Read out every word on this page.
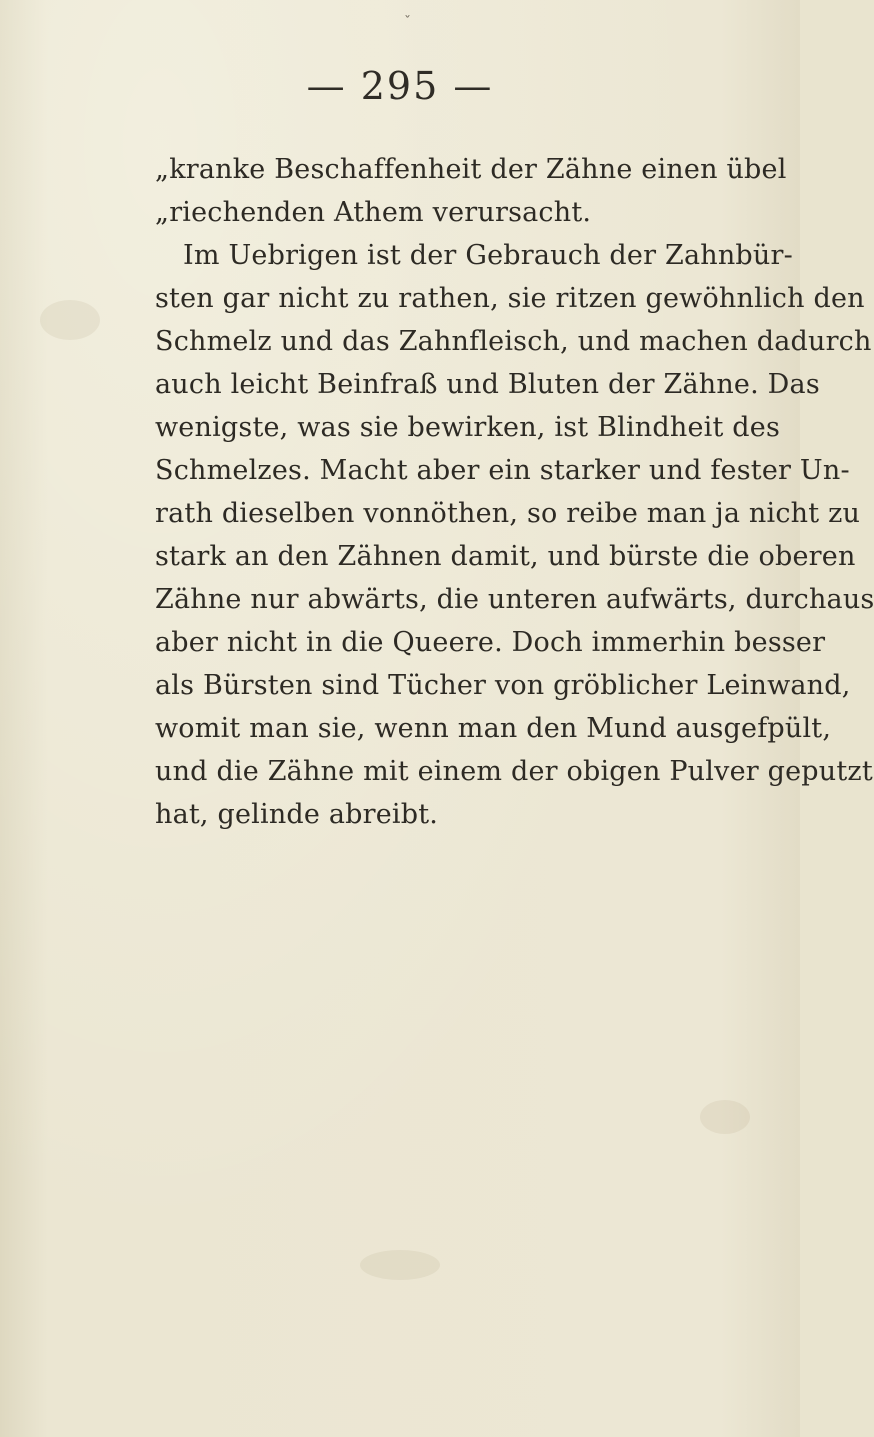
ˇ
— 295 —
„kranke Beschaffenheit der Zähne einen übel
„riechenden Athem verursacht.
Im Uebrigen ist der Gebrauch der Zahnbür-
sten gar nicht zu rathen, sie ritzen gewöhnlich den
Schmelz und das Zahnfleisch, und machen dadurch
auch leicht Beinfraß und Bluten der Zähne. Das
wenigste, was sie bewirken, ist Blindheit des
Schmelzes. Macht aber ein starker und fester Un-
rath dieselben vonnöthen, so reibe man ja nicht zu
stark an den Zähnen damit, und bürste die oberen
Zähne nur abwärts, die unteren aufwärts, durchaus
aber nicht in die Queere. Doch immerhin besser
als Bürsten sind Tücher von gröblicher Leinwand,
womit man sie, wenn man den Mund ausgefpült,
und die Zähne mit einem der obigen Pulver geputzt
hat, gelinde abreibt.
